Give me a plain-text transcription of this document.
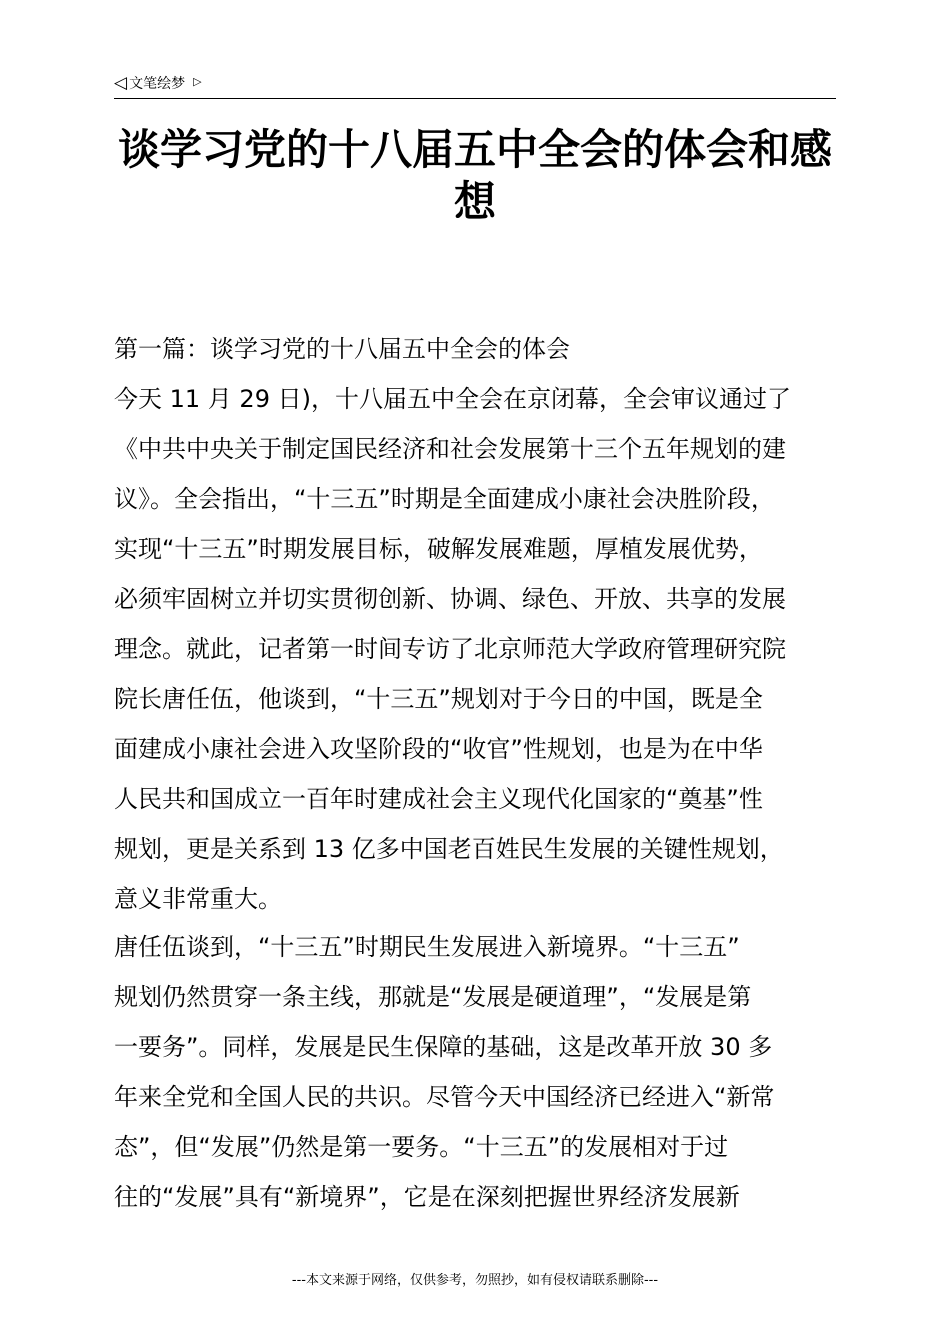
◁ 文笔绘梦 ▷
谈学习党的十八届五中全会的体会和感
想
第一篇：谈学习党的十八届五中全会的体会
今天 11 月 29 日)，十八届五中全会在京闭幕，全会审议通过了
《中共中央关于制定国民经济和社会发展第十三个五年规划的建
议》。全会指出，“十三五”时期是全面建成小康社会决胜阶段，
实现“十三五”时期发展目标，破解发展难题，厚植发展优势，
必须牢固树立并切实贯彻创新、协调、绿色、开放、共享的发展
理念。就此，记者第一时间专访了北京师范大学政府管理研究院
院长唐任伍，他谈到，“十三五”规划对于今日的中国，既是全
面建成小康社会进入攻坚阶段的“收官”性规划，也是为在中华
人民共和国成立一百年时建成社会主义现代化国家的“奠基”性
规划，更是关系到 13 亿多中国老百姓民生发展的关键性规划，
意义非常重大。
唐任伍谈到，“十三五”时期民生发展进入新境界。“十三五”
规划仍然贯穿一条主线，那就是“发展是硬道理”，“发展是第
一要务”。同样，发展是民生保障的基础，这是改革开放 30 多
年来全党和全国人民的共识。尽管今天中国经济已经进入“新常
态”，但“发展”仍然是第一要务。“十三五”的发展相对于过
往的“发展”具有“新境界”，它是在深刻把握世界经济发展新
---本文来源于网络，仅供参考，勿照抄，如有侵权请联系删除---
